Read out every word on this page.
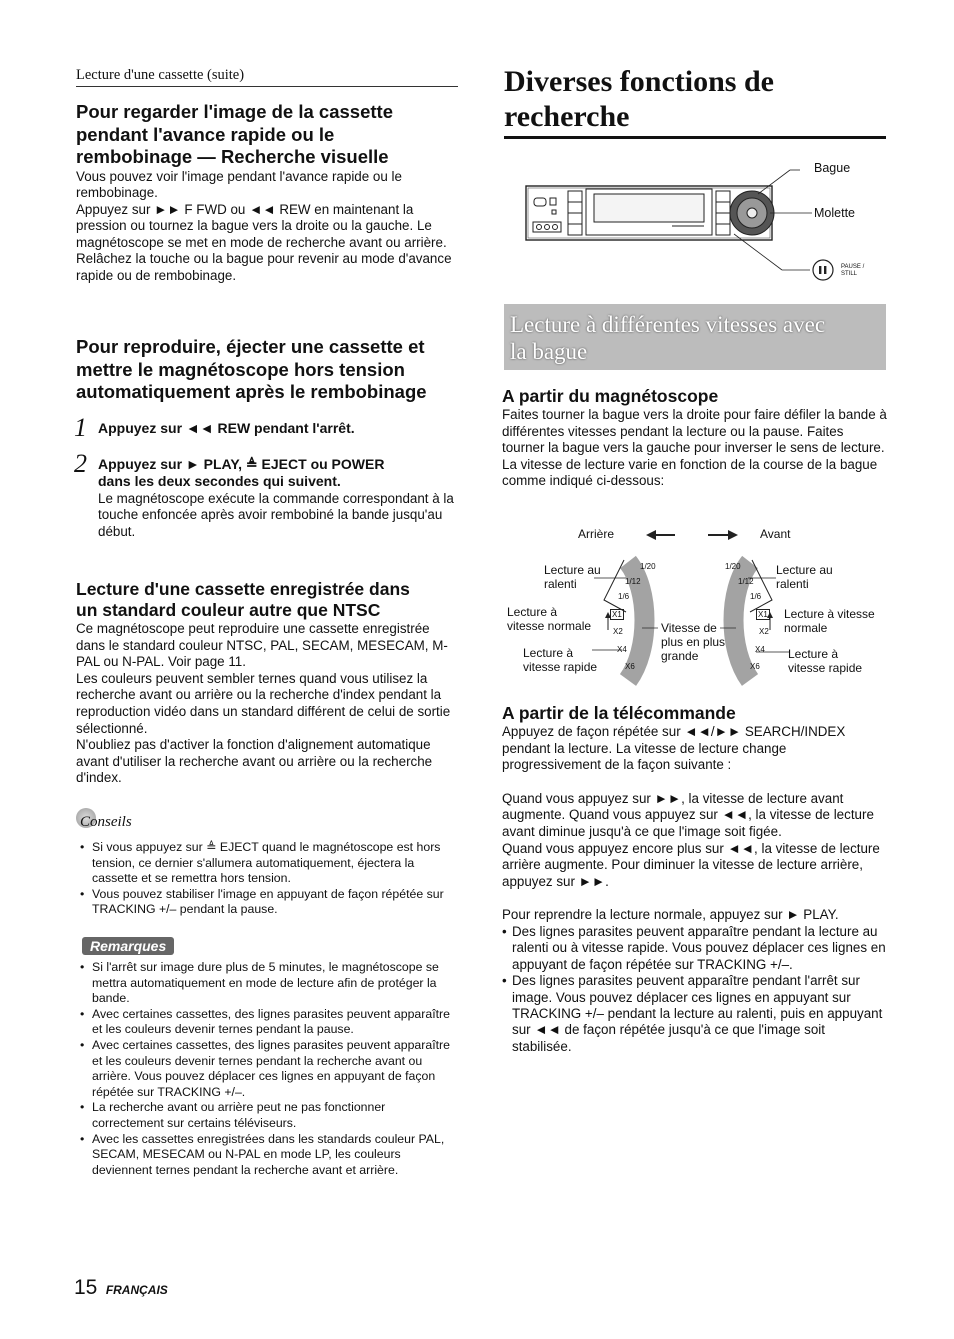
Lecture d'une cassette (suite)

Pour regarder l'image de la cassette

pendant l'avance rapide ou le

rembobinage — Recherche visuelle

Vous pouvez voir l'image pendant l'avance rapide ou le rembobinage.

Appuyez sur ►► F FWD ou ◄◄ REW en maintenant la pression ou tournez la bague vers la droite ou la gauche. Le magnétoscope se met en mode de recherche avant ou arrière.

Relâchez la touche ou la bague pour revenir au mode d'avance rapide ou de rembobinage.

Pour reproduire, éjecter une cassette et

mettre le magnétoscope hors tension

automatiquement après le rembobinage

1 Appuyez sur ◄◄ REW pendant l'arrêt.

2 Appuyez sur ► PLAY, ≜ EJECT ou POWER

dans les deux secondes qui suivent.

Le magnétoscope exécute la commande correspondant à la touche enfoncée après avoir rembobiné la bande jusqu'au début.

Lecture d'une cassette enregistrée dans

un standard couleur autre que NTSC

Ce magnétoscope peut reproduire une cassette enregistrée dans le standard couleur NTSC, PAL, SECAM, MESECAM, M-PAL ou N-PAL. Voir page 11.

Les couleurs peuvent sembler ternes quand vous utilisez la recherche avant ou arrière ou la recherche d'index pendant la reproduction vidéo dans un standard différent de celui de sortie sélectionné.

N'oubliez pas d'activer la fonction d'alignement automatique avant d'utiliser la recherche avant ou arrière ou la recherche d'index.

Conseils
• Si vous appuyez sur ≜ EJECT quand le magnétoscope est hors tension, ce dernier s'allumera automatiquement, éjectera la cassette et se remettra hors tension.
• Vous pouvez stabiliser l'image en appuyant de façon répétée sur TRACKING +/– pendant la pause.
Remarques
• Si l'arrêt sur image dure plus de 5 minutes, le magnétoscope se mettra automatiquement en mode de lecture afin de protéger la bande.
• Avec certaines cassettes, des lignes parasites peuvent apparaître et les couleurs devenir ternes pendant la pause.
• Avec certaines cassettes, des lignes parasites peuvent apparaître et les couleurs devenir ternes pendant la recherche avant ou arrière. Vous pouvez déplacer ces lignes en appuyant de façon répétée sur TRACKING +/–.
• La recherche avant ou arrière peut ne pas fonctionner correctement sur certains téléviseurs.
• Avec les cassettes enregistrées dans les standards couleur PAL, SECAM, MESECAM ou N-PAL en mode LP, les couleurs deviennent ternes pendant la recherche avant et arrière.
15 FRANÇAIS
Diverses fonctions de
recherche
Bague
Molette
PAUSE / STILL
Lecture à différentes vitesses avec
la bague

A partir du magnétoscope

Faites tourner la bague vers la droite pour faire défiler la bande à différentes vitesses pendant la lecture ou la pause. Faites tourner la bague vers la gauche pour inverser le sens de lecture.

La vitesse de lecture varie en fonction de la course de la bague comme indiqué ci-dessous:

Arrière	Avant
Lecture au
ralenti
Lecture à
vitesse normale
Lecture à
vitesse rapide
Lecture au
ralenti
Lecture à vitesse
normale
Lecture à
vitesse rapide
Vitesse de
plus en plus
grande
1/20
1/12
1/6
X1
X2
X4
X6
1/20
1/12
1/6
X1
X2
X4
X6

A partir de la télécommande

Appuyez de façon répétée sur ◄◄/►► SEARCH/INDEX pendant la lecture. La vitesse de lecture change progressivement de la façon suivante :

Quand vous appuyez sur ►►, la vitesse de lecture avant augmente. Quand vous appuyez sur ◄◄, la vitesse de lecture avant diminue jusqu'à ce que l'image soit figée.

Quand vous appuyez encore plus sur ◄◄, la vitesse de lecture arrière augmente. Pour diminuer la vitesse de lecture arrière, appuyez sur ►►.

Pour reprendre la lecture normale, appuyez sur ► PLAY.

• Des lignes parasites peuvent apparaître pendant la lecture au ralenti ou à vitesse rapide. Vous pouvez déplacer ces lignes en appuyant de façon répétée sur TRACKING +/–.
• Des lignes parasites peuvent apparaître pendant l'arrêt sur image. Vous pouvez déplacer ces lignes en appuyant sur TRACKING +/– pendant la lecture au ralenti, puis en appuyant sur ◄◄ de façon répétée jusqu'à ce que l'image soit stabilisée.
